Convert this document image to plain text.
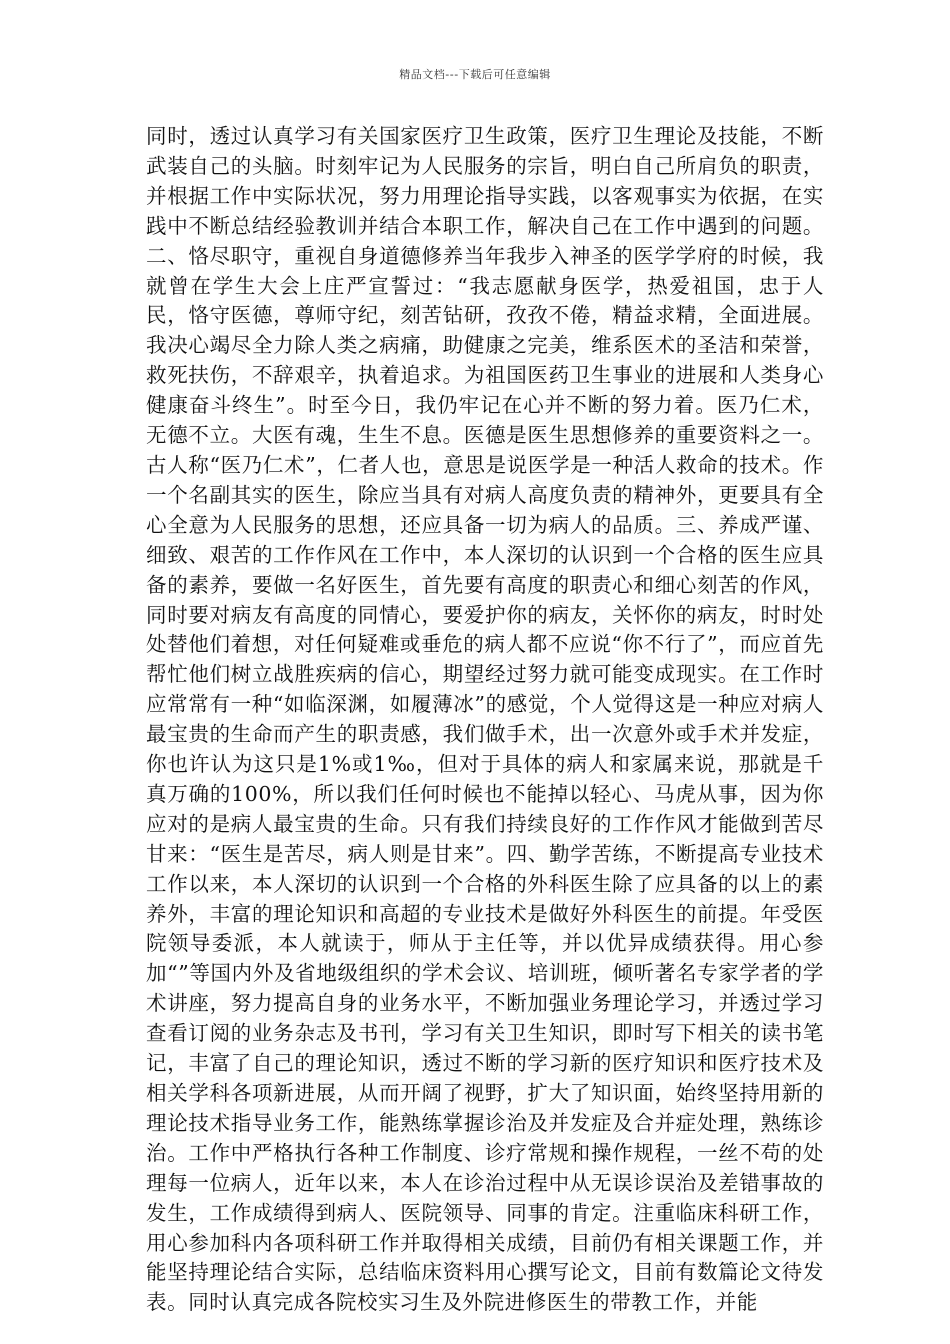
精品文档---下载后可任意编辑
同时，透过认真学习有关国家医疗卫生政策，医疗卫生理论及技能，不断武装自己的头脑。时刻牢记为人民服务的宗旨，明白自己所肩负的职责，并根据工作中实际状况，努力用理论指导实践，以客观事实为依据，在实践中不断总结经验教训并结合本职工作，解决自己在工作中遇到的问题。二、恪尽职守，重视自身道德修养当年我步入神圣的医学学府的时候，我就曾在学生大会上庄严宣誓过：“我志愿献身医学，热爱祖国，忠于人民，恪守医德，尊师守纪，刻苦钻研，孜孜不倦，精益求精，全面进展。我决心竭尽全力除人类之病痛，助健康之完美，维系医术的圣洁和荣誉，救死扶伤，不辞艰辛，执着追求。为祖国医药卫生事业的进展和人类身心健康奋斗终生”。时至今日，我仍牢记在心并不断的努力着。医乃仁术，无德不立。大医有魂，生生不息。医德是医生思想修养的重要资料之一。古人称“医乃仁术”，仁者人也，意思是说医学是一种活人救命的技术。作一个名副其实的医生，除应当具有对病人高度负责的精神外，更要具有全心全意为人民服务的思想，还应具备一切为病人的品质。三、养成严谨、细致、艰苦的工作作风在工作中，本人深切的认识到一个合格的医生应具备的素养，要做一名好医生，首先要有高度的职责心和细心刻苦的作风，同时要对病友有高度的同情心，要爱护你的病友，关怀你的病友，时时处处替他们着想，对任何疑难或垂危的病人都不应说“你不行了”，而应首先帮忙他们树立战胜疾病的信心，期望经过努力就可能变成现实。在工作时应常常有一种“如临深渊，如履薄冰”的感觉，个人觉得这是一种应对病人最宝贵的生命而产生的职责感，我们做手术，出一次意外或手术并发症，你也许认为这只是1%或1‰，但对于具体的病人和家属来说，那就是千真万确的100%，所以我们任何时候也不能掉以轻心、马虎从事，因为你应对的是病人最宝贵的生命。只有我们持续良好的工作作风才能做到苦尽甘来：“医生是苦尽，病人则是甘来”。四、勤学苦练，不断提高专业技术工作以来，本人深切的认识到一个合格的外科医生除了应具备的以上的素养外，丰富的理论知识和高超的专业技术是做好外科医生的前提。年受医院领导委派，本人就读于，师从于主任等，并以优异成绩获得。用心参加“”等国内外及省地级组织的学术会议、培训班，倾听著名专家学者的学术讲座，努力提高自身的业务水平，不断加强业务理论学习，并透过学习查看订阅的业务杂志及书刊，学习有关卫生知识，即时写下相关的读书笔记，丰富了自己的理论知识，透过不断的学习新的医疗知识和医疗技术及相关学科各项新进展，从而开阔了视野，扩大了知识面，始终坚持用新的理论技术指导业务工作，能熟练掌握诊治及并发症及合并症处理，熟练诊治。工作中严格执行各种工作制度、诊疗常规和操作规程，一丝不苟的处理每一位病人，近年以来，本人在诊治过程中从无误诊误治及差错事故的发生，工作成绩得到病人、医院领导、同事的肯定。注重临床科研工作，用心参加科内各项科研工作并取得相关成绩，目前仍有相关课题工作，并能坚持理论结合实际，总结临床资料用心撰写论文，目前有数篇论文待发表。同时认真完成各院校实习生及外院进修医生的带教工作，并能
